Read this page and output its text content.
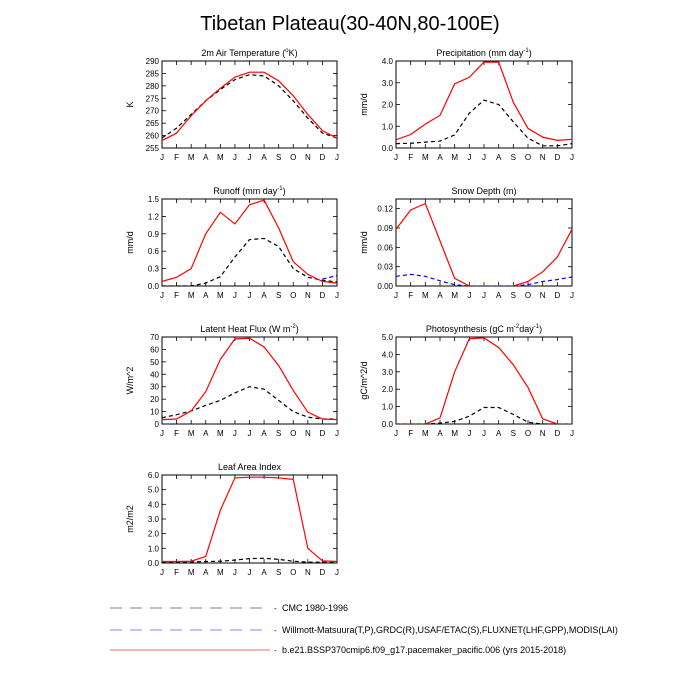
Tibetan Plateau(30-40N,80-100E)
2m Air Temperature ($^o$K)
255
260
265
270
275
280
285
290
J F M A M J J A S O N D J
K
Precipitation (mm day$^{-1}$)
0.0
1.0
2.0
3.0
4.0
J F M A M J J A S O N D J
mm/d
Runoff (mm day$^{-1}$)
0.0
0.3
0.6
0.9
1.2
1.5
J F M A M J J A S O N D J
mm/d
Snow Depth (m)
0.00
0.03
0.06
0.09
0.12
J F M A M J J A S O N D J
mm/d
Latent Heat Flux (W $m^{-2}$)
0
10
20
30
40
50
60
70
J F M A M J J A S O N D J
W/m^2
Photosynthesis (gC $m^{-2}day^{-1}$)
0.0
1.0
2.0
3.0
4.0
5.0
J F M A M J J A S O N D J
gC/m^2/d
Leaf Area Index
0.0
1.0
2.0
3.0
4.0
5.0
6.0
J F M A M J J A S O N D J
m2/m2
- CMC 1980-1996
- Willmott-Matsuura(T,P),GRDC(R),USAF/ETAC(S),FLUXNET(LHF,GPP),MODIS(LAI)
- b.e21.BSSP370cmip6.f09_g17.pacemaker_pacific.006 (yrs 2015-2018)
